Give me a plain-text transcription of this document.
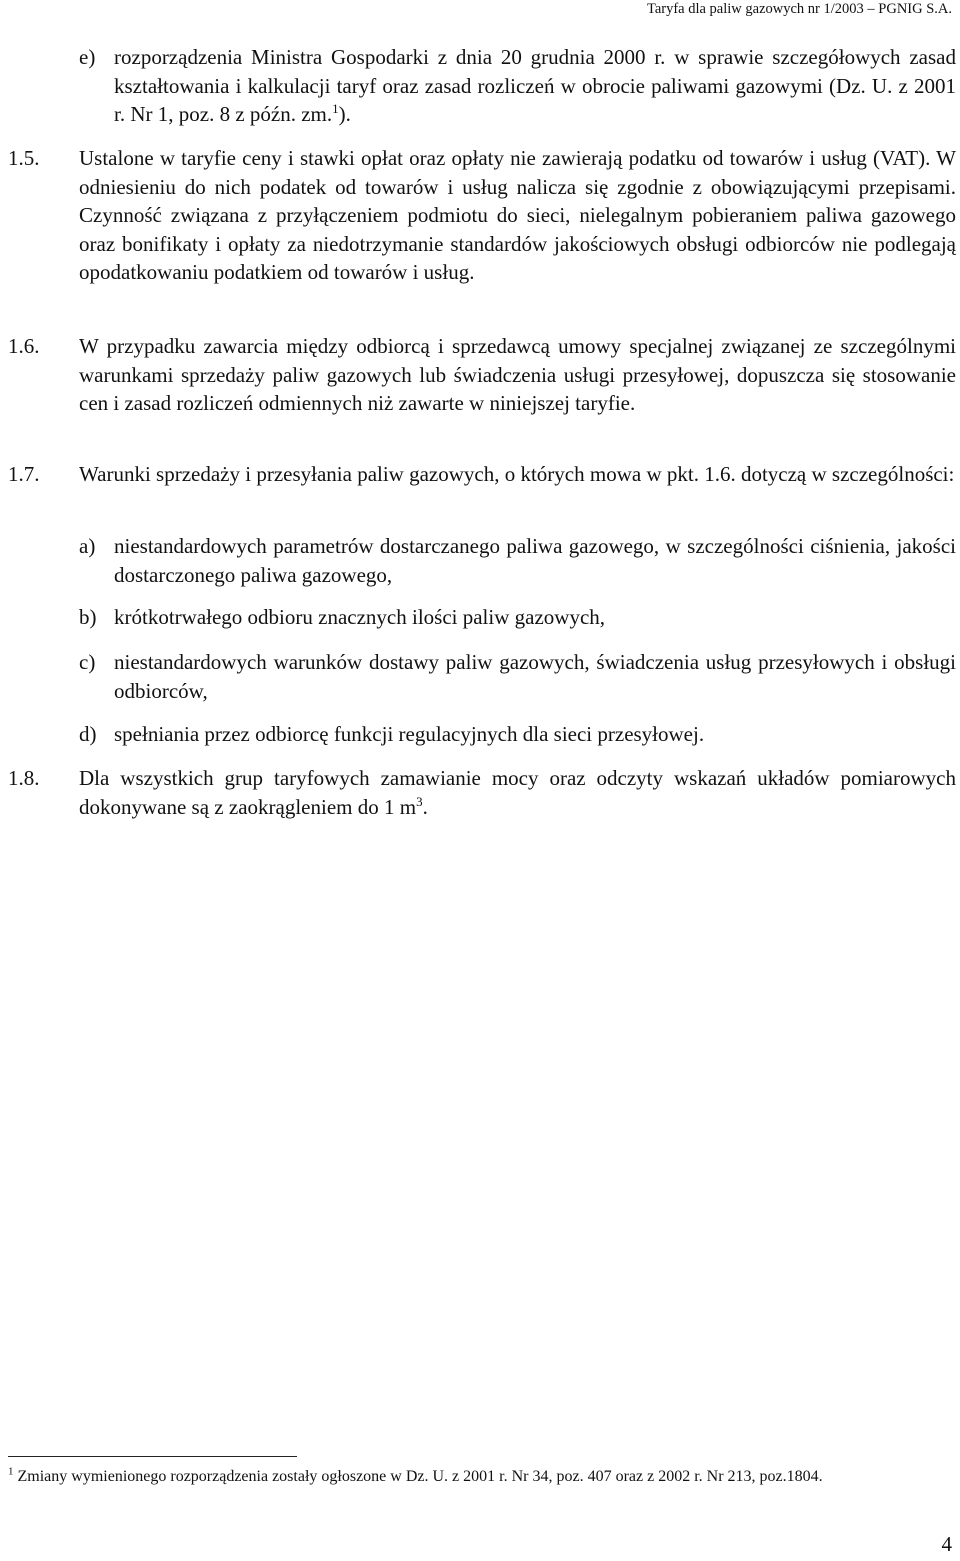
Taryfa dla paliw gazowych nr 1/2003 – PGNIG S.A.
e) rozporządzenia Ministra Gospodarki z dnia 20 grudnia 2000 r. w sprawie szczegółowych zasad kształtowania i kalkulacji taryf oraz zasad rozliczeń w obrocie paliwami gazowymi (Dz. U. z 2001 r. Nr 1, poz. 8 z późn. zm.$^1$).
1.5.	Ustalone w taryfie ceny i stawki opłat oraz opłaty nie zawierają podatku od towarów i usług (VAT). W odniesieniu do nich podatek od towarów i usług nalicza się zgodnie z obowiązującymi przepisami. Czynność związana z przyłączeniem podmiotu do sieci, nielegalnym pobieraniem paliwa gazowego oraz bonifikaty i opłaty za niedotrzymanie standardów jakościowych obsługi odbiorców nie podlegają opodatkowaniu podatkiem od towarów i usług.
1.6.	W przypadku zawarcia między odbiorcą i sprzedawcą umowy specjalnej związanej ze szczególnymi warunkami sprzedaży paliw gazowych lub świadczenia usługi przesyłowej, dopuszcza się stosowanie cen i zasad rozliczeń odmiennych niż zawarte w niniejszej taryfie.
1.7.	Warunki sprzedaży i przesyłania paliw gazowych, o których mowa w pkt. 1.6. dotyczą w szczególności:
a) niestandardowych parametrów dostarczanego paliwa gazowego, w szczególności ciśnienia, jakości dostarczonego paliwa gazowego,
b) krótkotrwałego odbioru znacznych ilości paliw gazowych,
c) niestandardowych warunków dostawy paliw gazowych, świadczenia usług przesyłowych i obsługi odbiorców,
d) spełniania przez odbiorcę funkcji regulacyjnych dla sieci przesyłowej.
1.8.	Dla wszystkich grup taryfowych zamawianie mocy oraz odczyty wskazań układów pomiarowych dokonywane są z zaokrągleniem do 1 $m^3$.
$^1$ Zmiany wymienionego rozporządzenia zostały ogłoszone w Dz. U. z 2001 r. Nr 34, poz. 407 oraz z 2002 r. Nr 213, poz.1804.
4
